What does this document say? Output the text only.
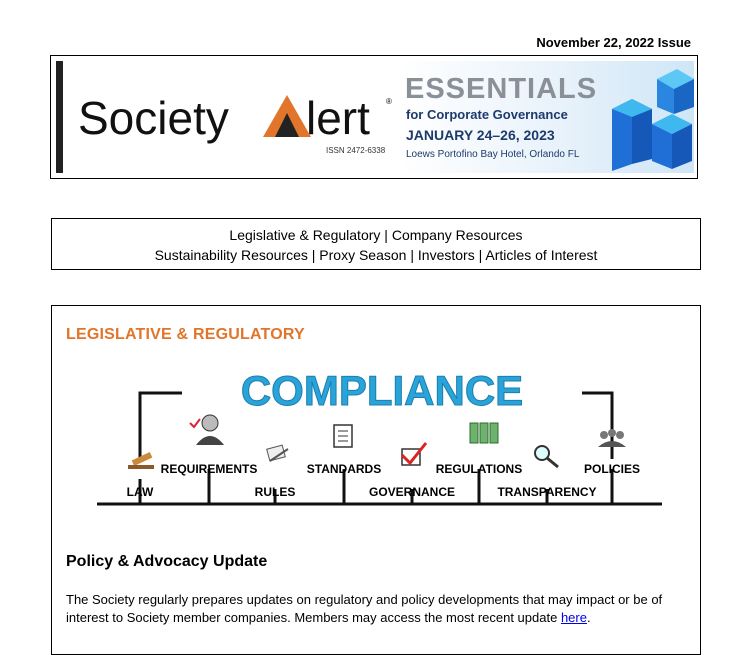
November 22, 2022 Issue
Society lert ®
ISSN 2472-6338
ESSENTIALS
for Corporate Governance
JANUARY 24–26, 2023
Loews Portofino Bay Hotel, Orlando FL
Legislative & Regulatory | Company Resources
Sustainability Resources | Proxy Season | Investors | Articles of Interest
LEGISLATIVE & REGULATORY
COMPLIANCE
REQUIREMENTS	STANDARDS	REGULATIONS	POLICIES
LAW	RULES	GOVERNANCE	TRANSPARENCY
Policy & Advocacy Update
The Society regularly prepares updates on regulatory and policy developments that may impact or be of interest to Society member companies. Members may access the most recent update here.
